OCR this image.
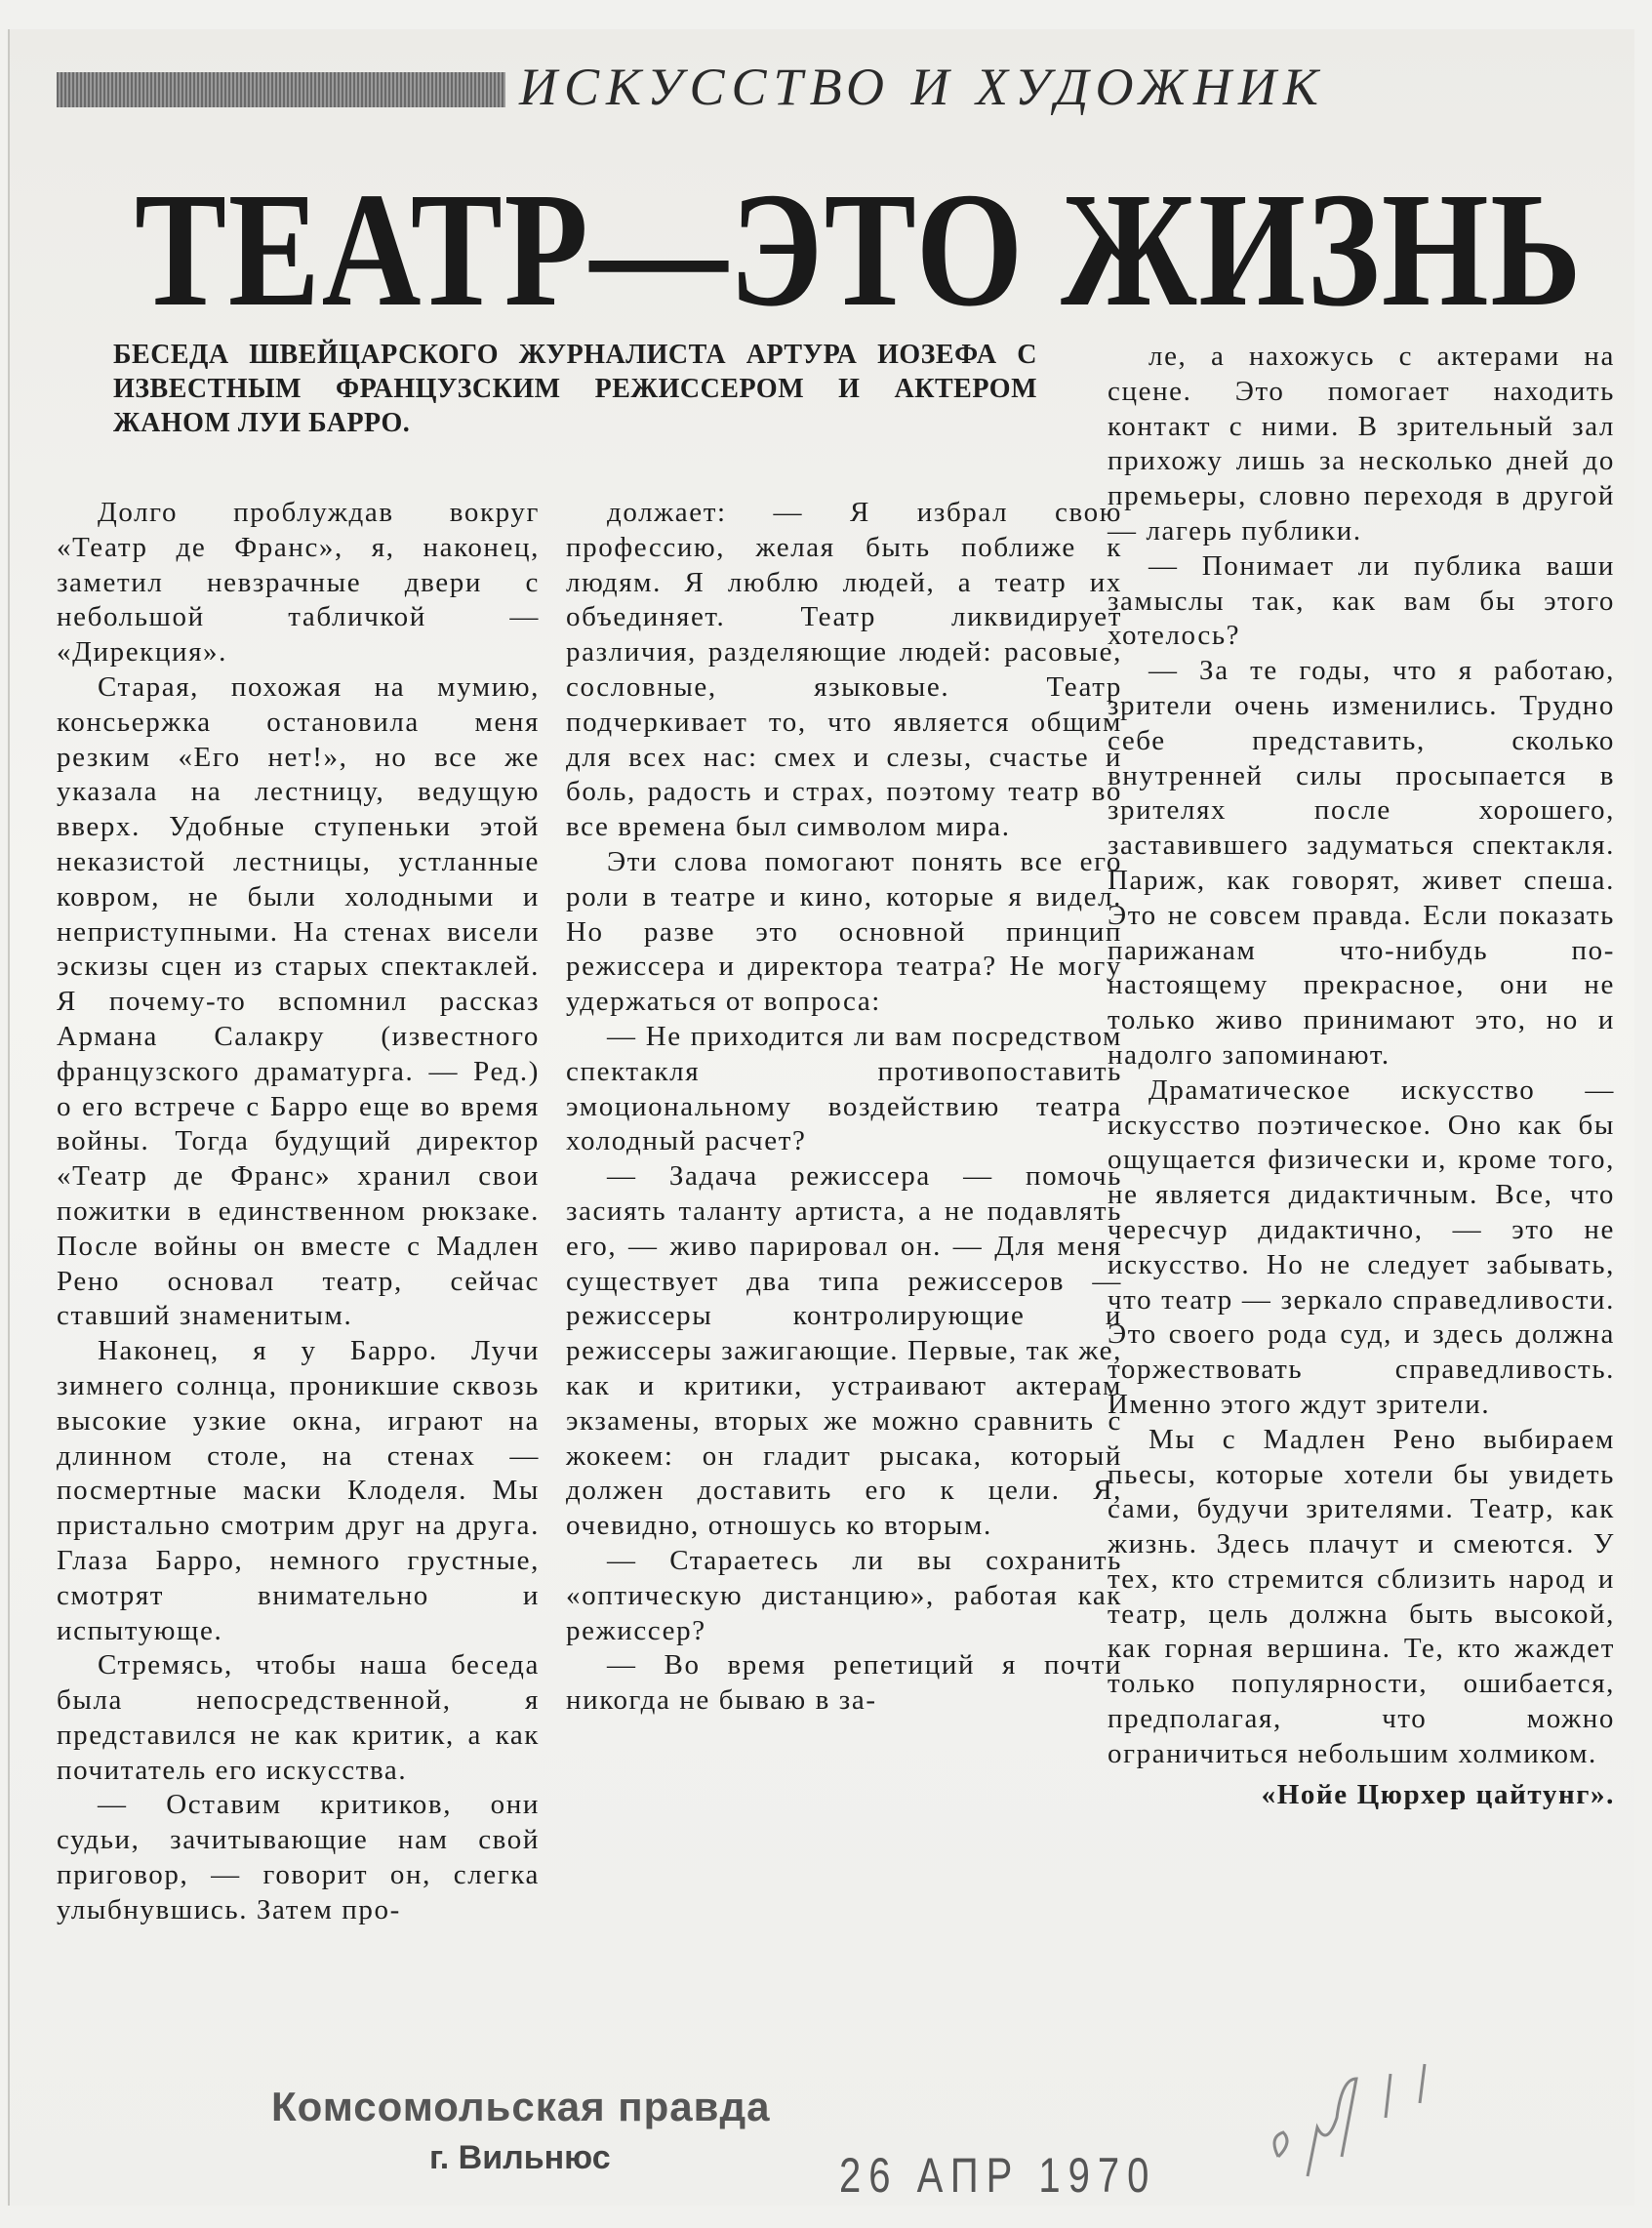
ИСКУССТВО И ХУДОЖНИК
ТЕАТР—ЭТО ЖИЗНЬ
БЕСЕДА ШВЕЙЦАРСКОГО ЖУРНАЛИСТА АРТУРА ИОЗЕФА С ИЗВЕСТНЫМ ФРАНЦУЗСКИМ РЕЖИССЕРОМ И АКТЕРОМ ЖАНОМ ЛУИ БАРРО.

Долго проблуждав вокруг «Театр де Франс», я, наконец, заметил невзрачные двери с небольшой табличкой — «Дирекция».

Старая, похожая на мумию, консьержка остановила меня резким «Его нет!», но все же указала на лестницу, ведущую вверх. Удобные ступеньки этой неказистой лестницы, устланные ковром, не были холодными и неприступными. На стенах висели эскизы сцен из старых спектаклей. Я почему-то вспомнил рассказ Армана Салакру (известного французского драматурга. — Ред.) о его встрече с Барро еще во время войны. Тогда будущий директор «Театр де Франс» хранил свои пожитки в единственном рюкзаке. После войны он вместе с Мадлен Рено основал театр, сейчас ставший знаменитым.

Наконец, я у Барро. Лучи зимнего солнца, проникшие сквозь высокие узкие окна, играют на длинном столе, на стенах — посмертные маски Клоделя. Мы пристально смотрим друг на друга. Глаза Барро, немного грустные, смотрят внимательно и испытующе.

Стремясь, чтобы наша беседа была непосредственной, я представился не как критик, а как почитатель его искусства.

— Оставим критиков, они судьи, зачитывающие нам свой приговор, — говорит он, слегка улыбнувшись. Затем про-

должает: — Я избрал свою профессию, желая быть поближе к людям. Я люблю людей, а театр их объединяет. Театр ликвидирует различия, разделяющие людей: расовые, сословные, языковые. Театр подчеркивает то, что является общим для всех нас: смех и слезы, счастье и боль, радость и страх, поэтому театр во все времена был символом мира.

Эти слова помогают понять все его роли в театре и кино, которые я видел. Но разве это основной принцип режиссера и директора театра? Не могу удержаться от вопроса:

— Не приходится ли вам посредством спектакля противопоставить эмоциональному воздействию театра холодный расчет?

— Задача режиссера — помочь засиять таланту артиста, а не подавлять его, — живо парировал он. — Для меня существует два типа режиссеров — режиссеры контролирующие и режиссеры зажигающие. Первые, так же, как и критики, устраивают актерам экзамены, вторых же можно сравнить с жокеем: он гладит рысака, который должен доставить его к цели. Я, очевидно, отношусь ко вторым.

— Стараетесь ли вы сохранить «оптическую дистанцию», работая как режиссер?

— Во время репетиций я почти никогда не бываю в за-

ле, а нахожусь с актерами на сцене. Это помогает находить контакт с ними. В зрительный зал прихожу лишь за несколько дней до премьеры, словно переходя в другой — лагерь публики.

— Понимает ли публика ваши замыслы так, как вам бы этого хотелось?

— За те годы, что я работаю, зрители очень изменились. Трудно себе представить, сколько внутренней силы просыпается в зрителях после хорошего, заставившего задуматься спектакля. Париж, как говорят, живет спеша. Это не совсем правда. Если показать парижанам что-нибудь по-настоящему прекрасное, они не только живо принимают это, но и надолго запоминают.

Драматическое искусство — искусство поэтическое. Оно как бы ощущается физически и, кроме того, не является дидактичным. Все, что чересчур дидактично, — это не искусство. Но не следует забывать, что театр — зеркало справедливости. Это своего рода суд, и здесь должна торжествовать справедливость. Именно этого ждут зрители.

Мы с Мадлен Рено выбираем пьесы, которые хотели бы увидеть сами, будучи зрителями. Театр, как жизнь. Здесь плачут и смеются. У тех, кто стремится сблизить народ и театр, цель должна быть высокой, как горная вершина. Те, кто жаждет только популярности, ошибается, предполагая, что можно ограничиться небольшим холмиком.

«Нойе Цюрхер цайтунг».

Комсомольская правда
г. Вильнюс	26 АПР 1970
